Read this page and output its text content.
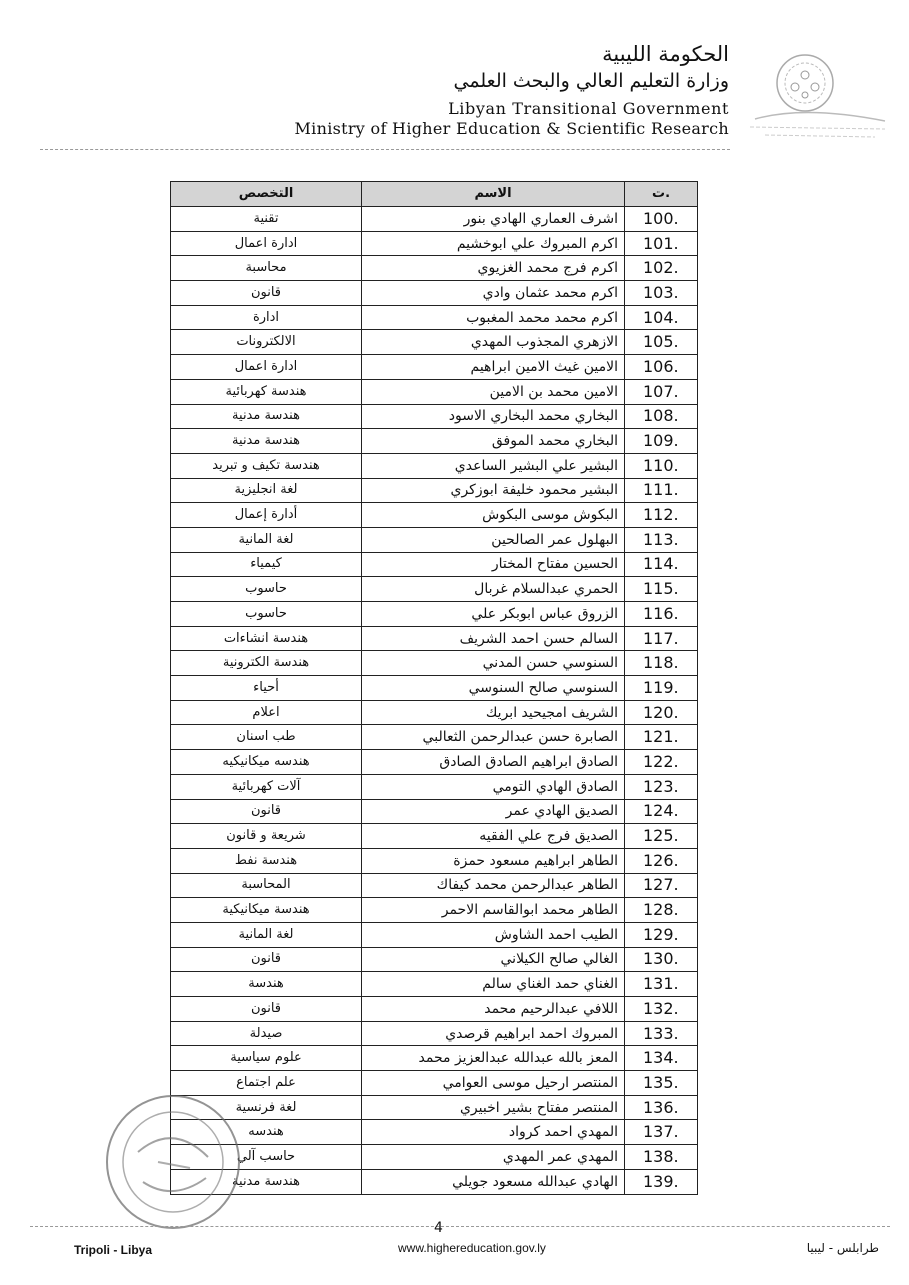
الحكومة الليبية
وزارة التعليم العالي والبحث العلمي
Libyan Transitional Government
Ministry of Higher Education & Scientific Research
ت.	الاسم	التخصص
100.	اشرف العماري الهادي بنور	تقنية
101.	اكرم المبروك علي ابوخشيم	ادارة اعمال
102.	اكرم فرج محمد الغزيوي	محاسبة
103.	اكرم محمد عثمان وادي	قانون
104.	اكرم محمد محمد المغبوب	ادارة
105.	الازهري المجذوب المهدي	الالكترونات
106.	الامين غيث الامين ابراهيم	ادارة اعمال
107.	الامين محمد بن الامين	هندسة كهربائية
108.	البخاري محمد البخاري الاسود	هندسة مدنية
109.	البخاري محمد الموفق	هندسة مدنية
110.	البشير علي البشير الساعدي	هندسة تكيف و تبريد
111.	البشير محمود خليفة ابوزكري	لغة انجليزية
112.	البكوش موسى البكوش	أدارة إعمال
113.	البهلول عمر الصالحين	لغة المانية
114.	الحسين مفتاح المختار	كيمياء
115.	الحمري عبدالسلام غربال	حاسوب
116.	الزروق عباس ابوبكر علي	حاسوب
117.	السالم حسن احمد الشريف	هندسة انشاءات
118.	السنوسي حسن المدني	هندسة الكترونية
119.	السنوسي صالح السنوسي	أحياء
120.	الشريف امجيحيد ابريك	اعلام
121.	الصابرة حسن عبدالرحمن الثعالبي	طب اسنان
122.	الصادق ابراهيم الصادق الصادق	هندسه ميكانيكيه
123.	الصادق الهادي التومي	آلات كهربائية
124.	الصديق الهادي عمر	قانون
125.	الصديق فرج علي الفقيه	شريعة و قانون
126.	الطاهر ابراهيم مسعود حمزة	هندسة نفط
127.	الطاهر عبدالرحمن محمد كيفاك	المحاسبة
128.	الطاهر محمد ابوالقاسم الاحمر	هندسة ميكانيكية
129.	الطيب احمد الشاوش	لغة المانية
130.	الغالي صالح الكيلاني	قانون
131.	الغناي حمد الغناي سالم	هندسة
132.	اللافي عبدالرحيم محمد	قانون
133.	المبروك احمد ابراهيم قرصدي	صيدلة
134.	المعز بالله عبدالله عبدالعزيز محمد	علوم سياسية
135.	المنتصر ارحيل موسى العوامي	علم اجتماع
136.	المنتصر مفتاح بشير اخبيري	لغة فرنسية
137.	المهدي احمد كرواد	هندسه
138.	المهدي عمر المهدي	حاسب آلي
139.	الهادي عبدالله مسعود جويلي	هندسة مدنية
4
Tripoli - Libya	www.highereducation.gov.ly	طرابلس - ليبيا
